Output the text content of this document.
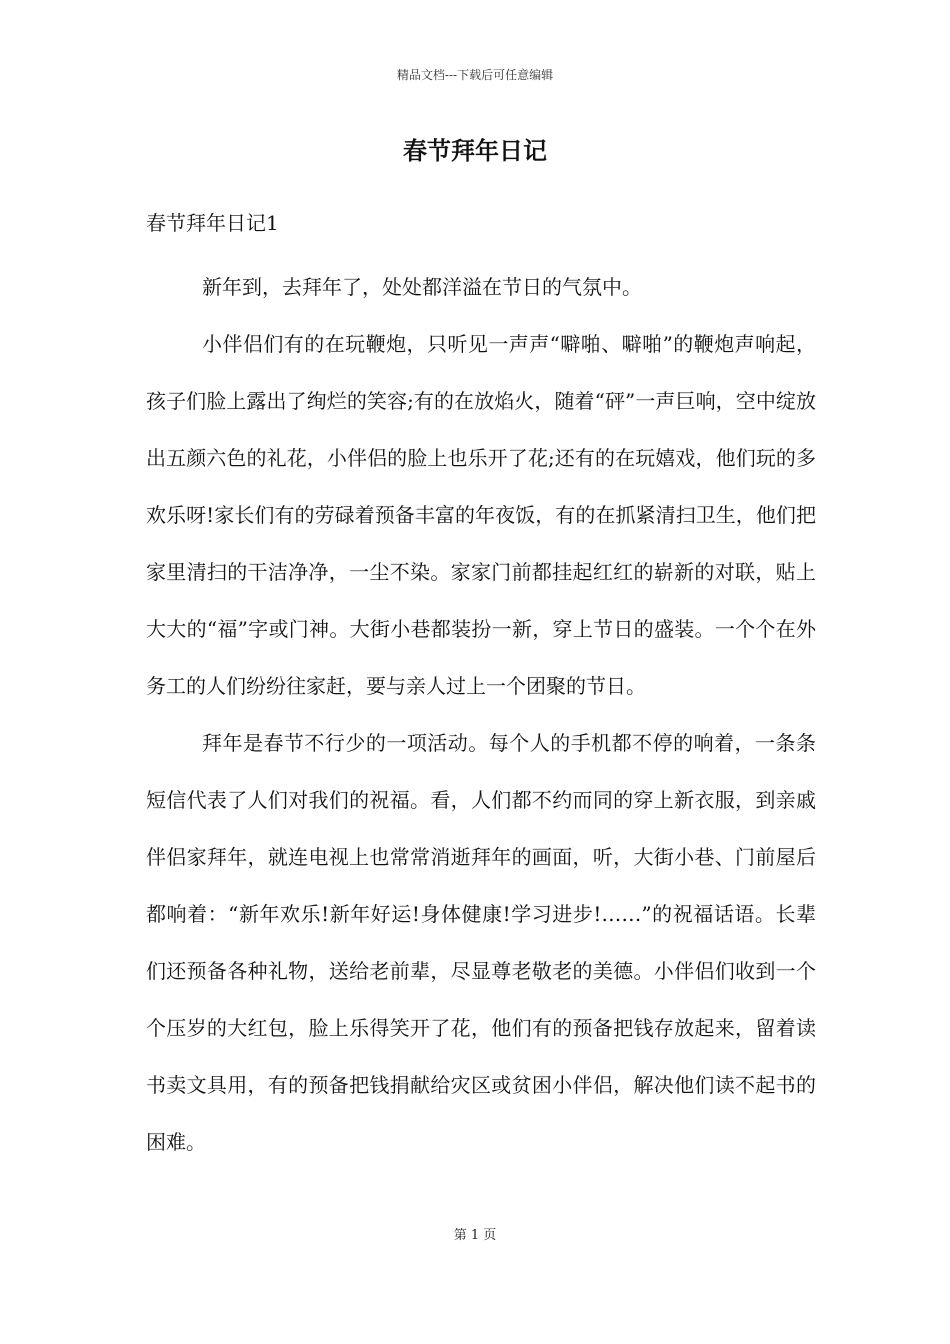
精品文档---下载后可任意编辑
春节拜年日记
春节拜年日记1

新年到，去拜年了，处处都洋溢在节日的气氛中。

小伴侣们有的在玩鞭炮，只听见一声声“噼啪、噼啪”的鞭炮声响起，孩子们脸上露出了绚烂的笑容;有的在放焰火，随着“砰”一声巨响，空中绽放出五颜六色的礼花，小伴侣的脸上也乐开了花;还有的在玩嬉戏，他们玩的多欢乐呀!家长们有的劳碌着预备丰富的年夜饭，有的在抓紧清扫卫生，他们把家里清扫的干洁净净，一尘不染。家家门前都挂起红红的崭新的对联，贴上大大的“福”字或门神。大街小巷都装扮一新，穿上节日的盛装。一个个在外务工的人们纷纷往家赶，要与亲人过上一个团聚的节日。

拜年是春节不行少的一项活动。每个人的手机都不停的响着，一条条短信代表了人们对我们的祝福。看，人们都不约而同的穿上新衣服，到亲戚伴侣家拜年，就连电视上也常常消逝拜年的画面，听，大街小巷、门前屋后都响着：“新年欢乐!新年好运!身体健康!学习进步!……”的祝福话语。长辈们还预备各种礼物，送给老前辈，尽显尊老敬老的美德。小伴侣们收到一个个压岁的大红包，脸上乐得笑开了花，他们有的预备把钱存放起来，留着读书卖文具用，有的预备把钱捐献给灾区或贫困小伴侣，解决他们读不起书的困难。

第 1 页
